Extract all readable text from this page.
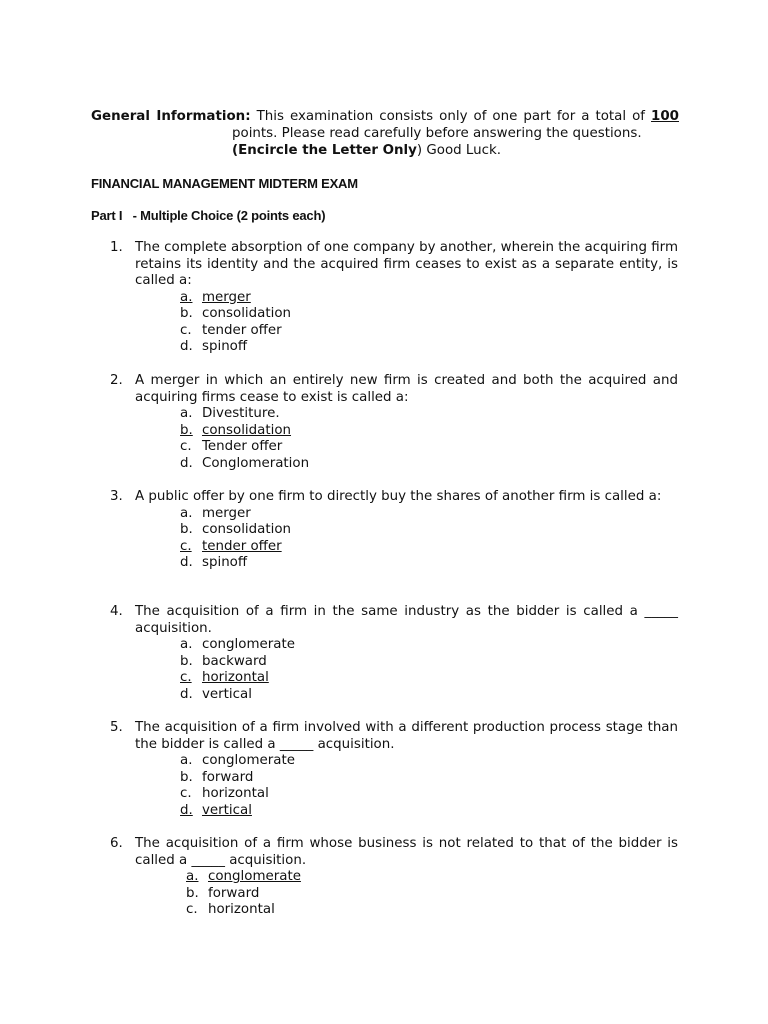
General Information: This examination consists only of one part for a total of 100
points. Please read carefully before answering the questions.
(Encircle the Letter Only) Good Luck.
FINANCIAL MANAGEMENT MIDTERM EXAM
Part I - Multiple Choice (2 points each)
1. The complete absorption of one company by another, wherein the acquiring firm retains its identity and the acquired firm ceases to exist as a separate entity, is called a:
a. merger
b. consolidation
c. tender offer
d. spinoff
2. A merger in which an entirely new firm is created and both the acquired and acquiring firms cease to exist is called a:
a. Divestiture.
b. consolidation
c. Tender offer
d. Conglomeration
3. A public offer by one firm to directly buy the shares of another firm is called a:
a. merger
b. consolidation
c. tender offer
d. spinoff
4. The acquisition of a firm in the same industry as the bidder is called a _____ acquisition.
a. conglomerate
b. backward
c. horizontal
d. vertical
5. The acquisition of a firm involved with a different production process stage than the bidder is called a _____ acquisition.
a. conglomerate
b. forward
c. horizontal
d. vertical
6. The acquisition of a firm whose business is not related to that of the bidder is called a _____ acquisition.
a. conglomerate
b. forward
c. horizontal
